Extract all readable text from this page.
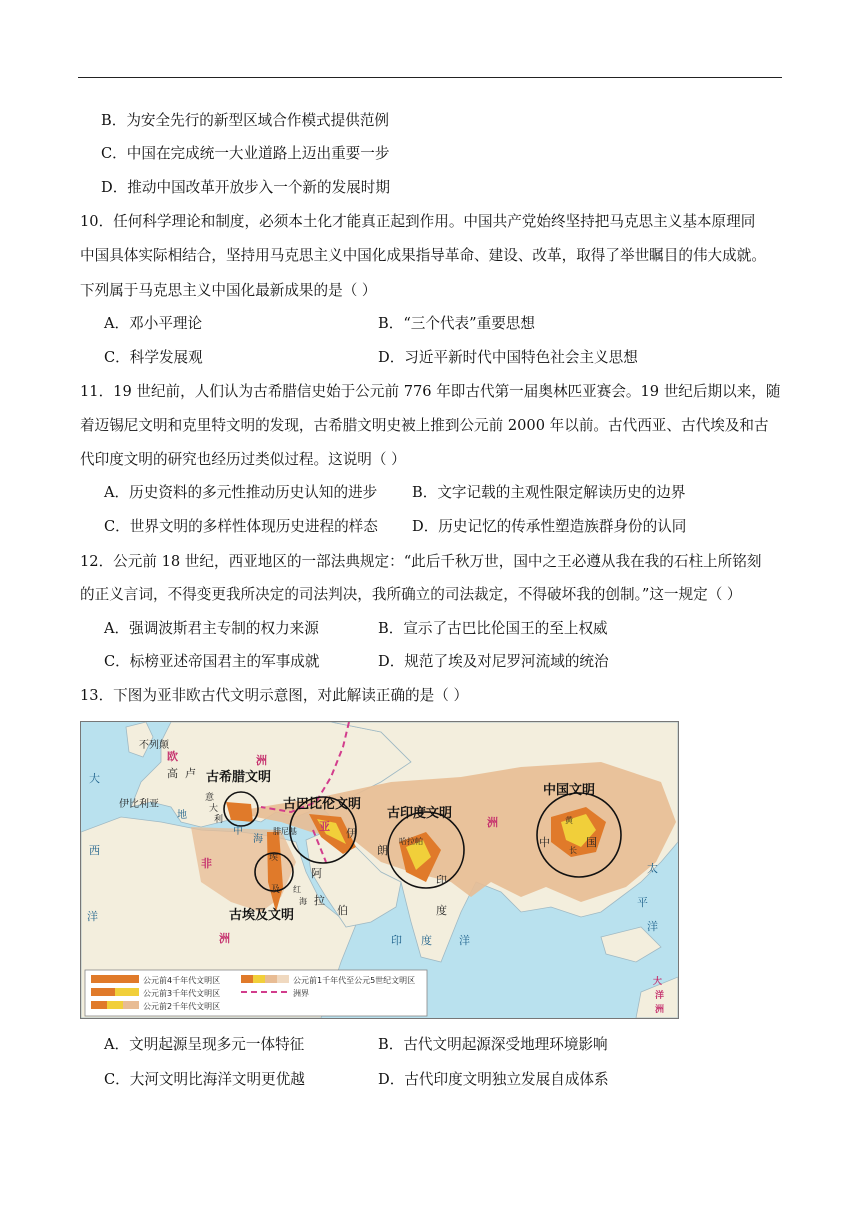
B．为安全先行的新型区域合作模式提供范例
C．中国在完成统一大业道路上迈出重要一步
D．推动中国改革开放步入一个新的发展时期
10．任何科学理论和制度，必须本土化才能真正起到作用。中国共产党始终坚持把马克思主义基本原理同
中国具体实际相结合，坚持用马克思主义中国化成果指导革命、建设、改革，取得了举世瞩目的伟大成就。
下列属于马克思主义中国化最新成果的是（ ）
A．邓小平理论	B．“三个代表”重要思想
C．科学发展观	D．习近平新时代中国特色社会主义思想
11．19 世纪前，人们认为古希腊信史始于公元前 776 年即古代第一届奥林匹亚赛会。19 世纪后期以来，随
着迈锡尼文明和克里特文明的发现，古希腊文明史被上推到公元前 2000 年以前。古代西亚、古代埃及和古
代印度文明的研究也经历过类似过程。这说明（ ）
A．历史资料的多元性推动历史认知的进步 B．文字记载的主观性限定解读历史的边界
C．世界文明的多样性体现历史进程的样态 D．历史记忆的传承性塑造族群身份的认同
12．公元前 18 世纪，西亚地区的一部法典规定：“此后千秋万世，国中之王必遵从我在我的石柱上所铭刻
的正义言词，不得变更我所决定的司法判决，我所确立的司法裁定，不得破坏我的创制。”这一规定（ ）
A．强调波斯君主专制的权力来源	B．宣示了古巴比伦国王的至上权威
C．标榜亚述帝国君主的军事成就	D．规范了埃及对尼罗河流域的统治
13．下图为亚非欧古代文明示意图，对此解读正确的是（ ）
古希腊文明
古巴比伦文明
古印度文明
中国文明
古埃及文明
不列颠
欧	洲
大	高 卢
伊比利亚
意
大
利
地
中
海
西
非
腓尼基
埃
及
阿
拉
伯
亚
伊
朗
哈拉帕
印
度
洲
中	国
黄
长
太
平
洋
洋
洲	印 度 洋
大
洋
洲
红
海
公元前4千年代文明区
公元前3千年代文明区
公元前2千年代文明区
公元前1千年代至公元5世纪文明区
洲界
A．文明起源呈现多元一体特征	B．古代文明起源深受地理环境影响
C．大河文明比海洋文明更优越	D．古代印度文明独立发展自成体系
